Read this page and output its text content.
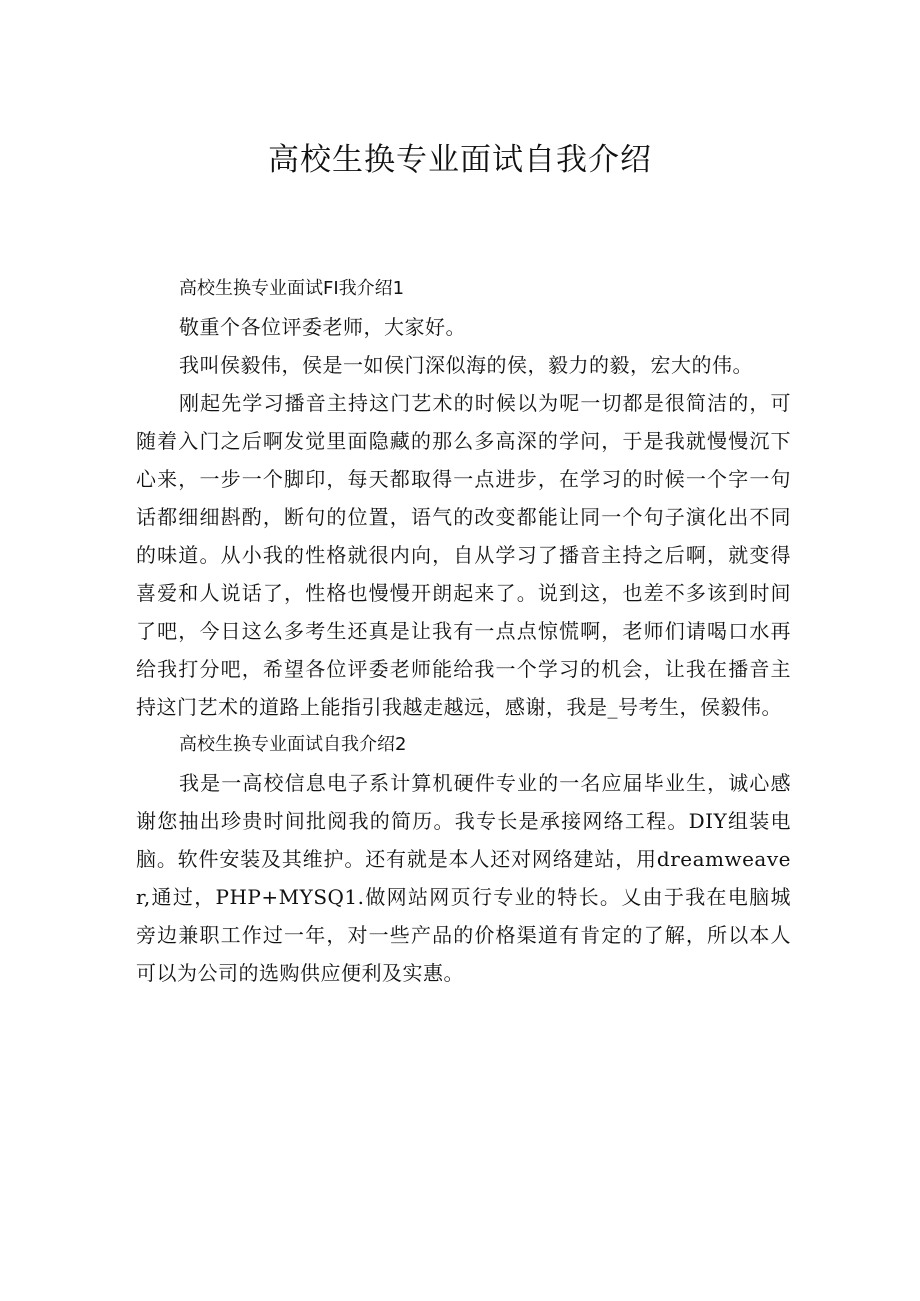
高校生换专业面试自我介绍

高校生换专业面试FI我介绍1

敬重个各位评委老师，大家好。

我叫侯毅伟，侯是一如侯门深似海的侯，毅力的毅，宏大的伟。

刚起先学习播音主持这门艺术的时候以为呢一切都是很简洁的，可随着入门之后啊发觉里面隐藏的那么多高深的学问，于是我就慢慢沉下心来，一步一个脚印，每天都取得一点进步，在学习的时候一个字一句话都细细斟酌，断句的位置，语气的改变都能让同一个句子演化出不同的味道。从小我的性格就很内向，自从学习了播音主持之后啊，就变得喜爱和人说话了，性格也慢慢开朗起来了。说到这，也差不多该到时间了吧，今日这么多考生还真是让我有一点点惊慌啊，老师们请喝口水再给我打分吧，希望各位评委老师能给我一个学习的机会，让我在播音主持这门艺术的道路上能指引我越走越远，感谢，我是_号考生，侯毅伟。

高校生换专业面试自我介绍2

我是一高校信息电子系计算机硬件专业的一名应届毕业生，诚心感谢您抽出珍贵时间批阅我的简历。我专长是承接网络工程。DIY组装电脑。软件安装及其维护。还有就是本人还对网络建站，用dreamweaver,通过，PHP+MYSQ1.做网站网页行专业的特长。乂由于我在电脑城旁边兼职工作过一年，对一些产品的价格渠道有肯定的了解，所以本人可以为公司的选购供应便利及实惠。
